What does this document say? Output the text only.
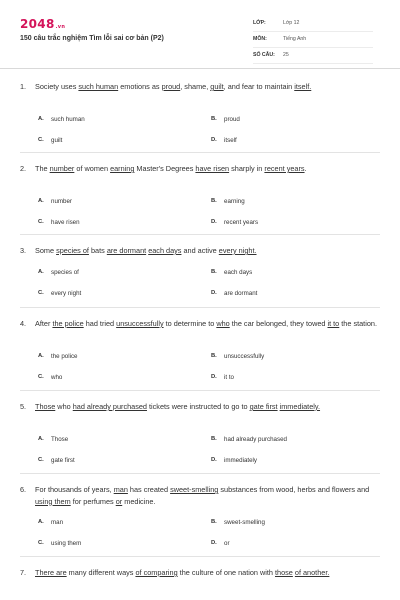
2048.vn
150 câu trắc nghiệm Tìm lỗi sai cơ bản (P2)
LỚP:	Lớp 12
MÔN:	Tiếng Anh
SỐ CÂU: 25
1.	Society uses such human emotions as proud, shame, guilt, and fear to maintain itself.
A.	such human	B.	proud
C.	guilt	D.	itself
2.	The number of women earning Master's Degrees have risen sharply in recent years.
A.	number	B.	earning
C.	have risen	D.	recent years
3.	Some species of bats are dormant each days and active every night.
A.	species of	B.	each days
C.	every night	D.	are dormant
4.	After the police had tried unsuccessfully to determine to who the car belonged, they towed it to the station.
A.	the police	B.	unsuccessfully
C.	who	D.	it to
5.	Those who had already purchased tickets were instructed to go to gate first immediately.
A.	Those	B.	had already purchased
C.	gate first	D.	immediately
6.	For thousands of years, man has created sweet-smelling substances from wood, herbs and flowers and using them for perfumes or medicine.
A.	man	B.	sweet-smelling
C.	using them	D.	or
7.	There are many different ways of comparing the culture of one nation with those of another.
